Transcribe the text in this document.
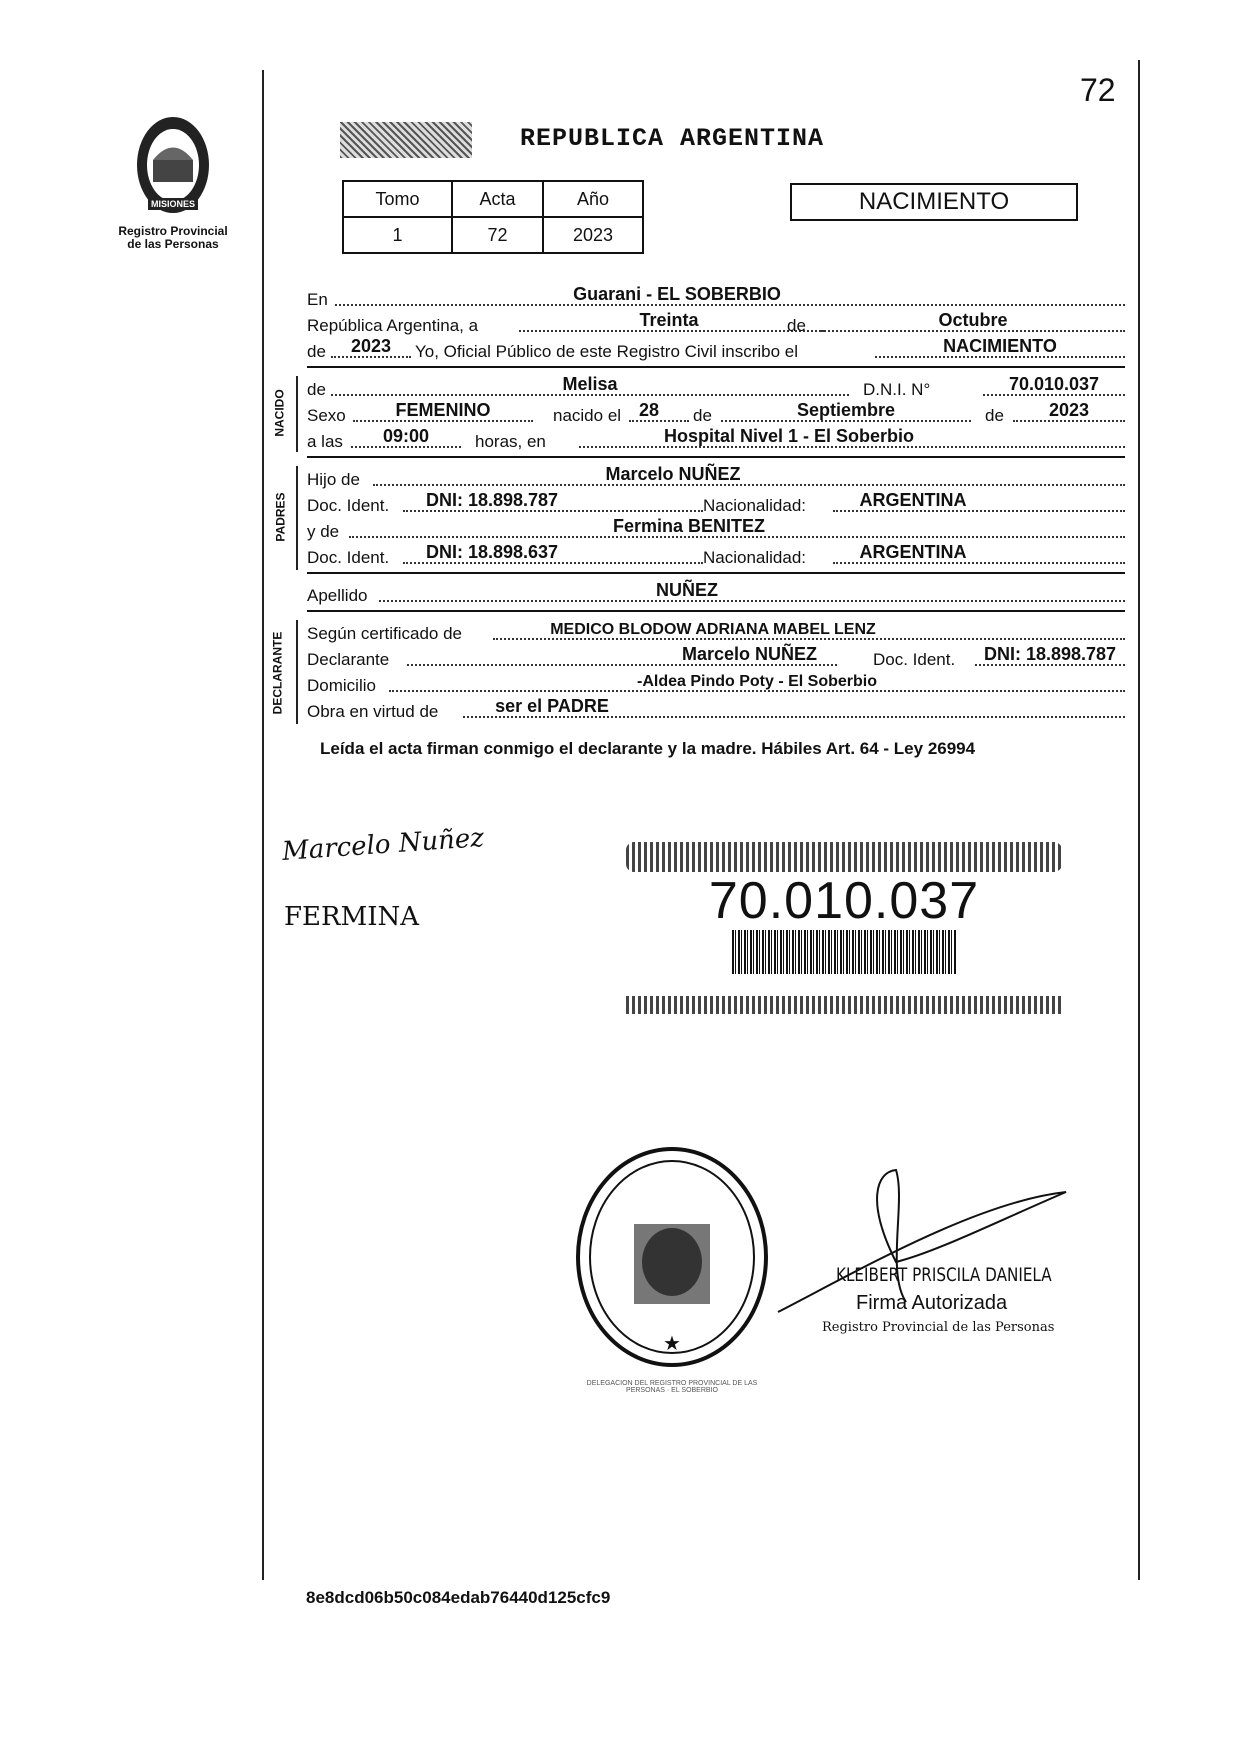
72
MISIONES
Registro Provincial
de las Personas
REPUBLICA ARGENTINA
Tomo	Acta	Año
1	72	2023
NACIMIENTO
En	Guarani - EL SOBERBIO
República Argentina, a	Treinta	de	Octubre
de	2023	Yo, Oficial Público de este Registro Civil inscribo el	NACIMIENTO
NACIDO de	Melisa	D.N.I. N°	70.010.037
Sexo	FEMENINO	nacido el 28	de	Septiembre	de	2023
a las	09:00	horas, en	Hospital Nivel 1 - El Soberbio
PADRES
Hijo de	Marcelo NUÑEZ
Doc. Ident.	DNI: 18.898.787	Nacionalidad:	ARGENTINA
y de	Fermina BENITEZ
Doc. Ident.	DNI: 18.898.637	Nacionalidad:	ARGENTINA
Apellido	NUÑEZ
DECLARANTE Según certificado de	MEDICO BLODOW ADRIANA MABEL LENZ
Declarante	Marcelo NUÑEZ	Doc. Ident.	DNI: 18.898.787
Domicilio	-Aldea Pindo Poty - El Soberbio
Obra en virtud de	ser el PADRE
Leída el acta firman conmigo el declarante y la madre. Hábiles Art. 64 - Ley 26994
Marcelo Nuñez
FERMINA	70.010.037
★
DELEGACION DEL REGISTRO PROVINCIAL DE LAS PERSONAS · EL SOBERBIO
KLEIBERT PRISCILA DANIELA
Firma Autorizada
Registro Provincial de las Personas
8e8dcd06b50c084edab76440d125cfc9
